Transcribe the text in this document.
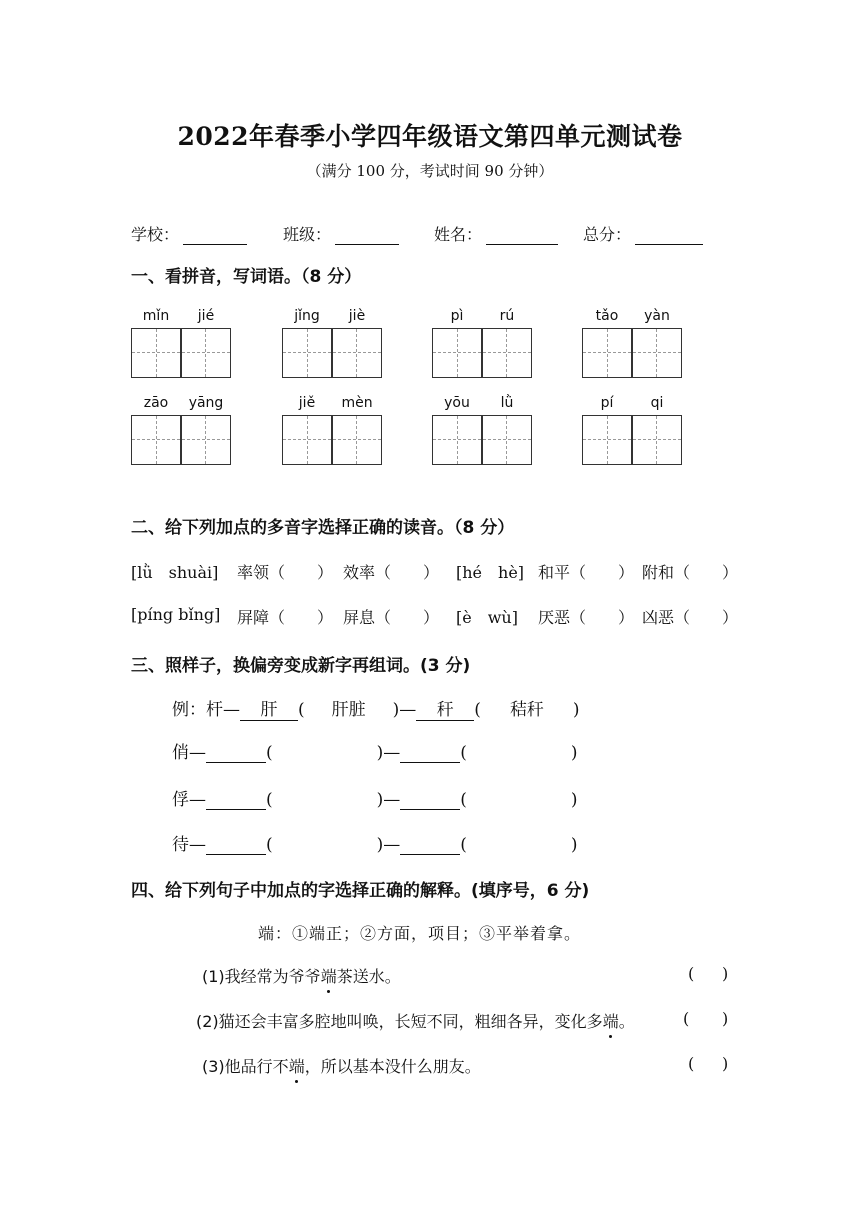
2022年春季小学四年级语文第四单元测试卷
（满分 100 分，考试时间 90 分钟）
学校：	班级：	姓名：	总分：
一、看拼音，写词语。（8 分）
mǐn	jié	jǐng	jiè	pì	rú	tǎo	yàn
zāo	yāng	jiě	mèn	yōu	lǜ	pí	qi
二、给下列加点的多音字选择正确的读音。（8 分）
[lǜ　shuài] 率领（　　） 效率（　　） [hé　hè] 和平（　　） 附和（　　）
[píng bǐng] 屏障（　　） 屏息（　　） [è　wù] 厌恶（　　） 凶恶（　　）
三、照样子，换偏旁变成新字再组词。(3 分)
例：杆— 肝 ( 肝脏 )— 秆 ( 秸秆 )
俏—	(	)—	(	)
俘—	(	)—	(	)
待—	(	)—	(	)
四、给下列句子中加点的字选择正确的解释。(填序号，6 分)
端：①端正；②方面，项目；③平举着拿。
(1)我经常为爷爷端茶送水。	( )
(2)猫还会丰富多腔地叫唤，长短不同，粗细各异，变化多端。	( )
(3)他品行不端，所以基本没什么朋友。	( )
